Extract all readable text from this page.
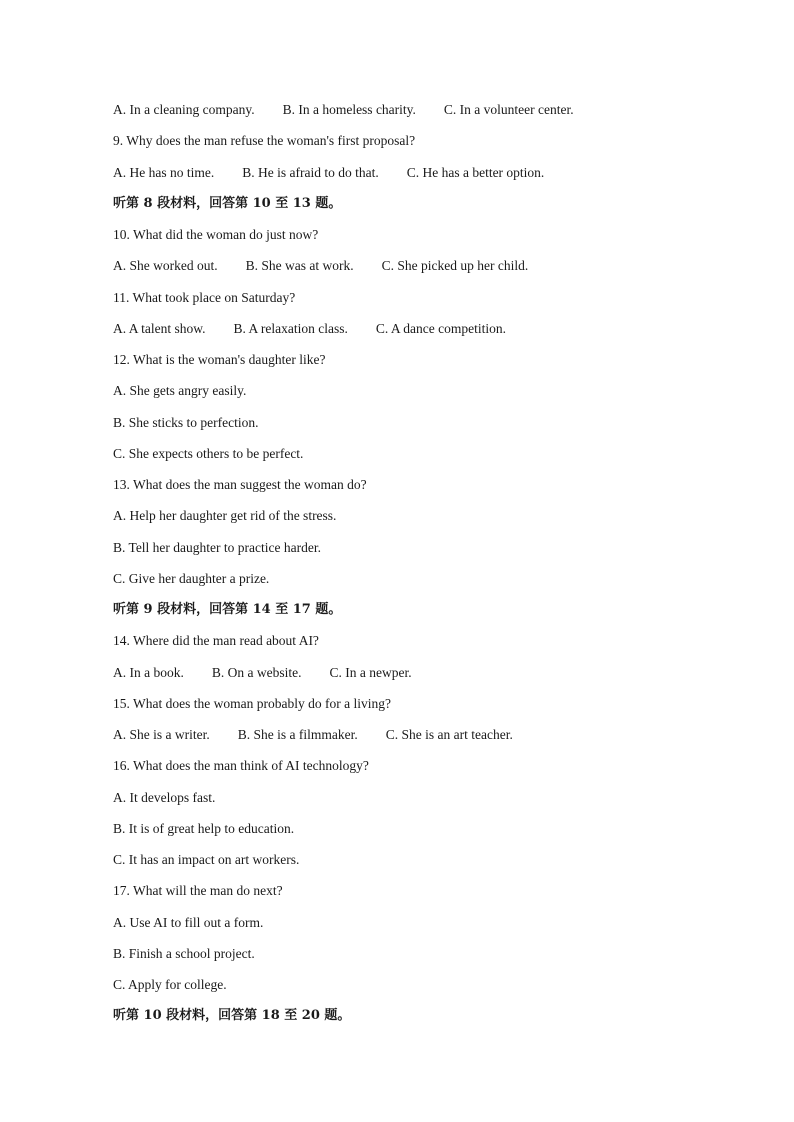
A. In a cleaning company. B. In a homeless charity. C. In a volunteer center.
9. Why does the man refuse the woman's first proposal?
A. He has no time. B. He is afraid to do that. C. He has a better option.
听第 8 段材料，回答第 10 至 13 题。
10. What did the woman do just now?
A. She worked out. B. She was at work. C. She picked up her child.
11. What took place on Saturday?
A. A talent show. B. A relaxation class. C. A dance competition.
12. What is the woman's daughter like?
A. She gets angry easily.
B. She sticks to perfection.
C. She expects others to be perfect.
13. What does the man suggest the woman do?
A. Help her daughter get rid of the stress.
B. Tell her daughter to practice harder.
C. Give her daughter a prize.
听第 9 段材料，回答第 14 至 17 题。
14. Where did the man read about AI?
A. In a book. B. On a website. C. In a newper.
15. What does the woman probably do for a living?
A. She is a writer. B. She is a filmmaker. C. She is an art teacher.
16. What does the man think of AI technology?
A. It develops fast.
B. It is of great help to education.
C. It has an impact on art workers.
17. What will the man do next?
A. Use AI to fill out a form.
B. Finish a school project.
C. Apply for college.
听第 10 段材料，回答第 18 至 20 题。
